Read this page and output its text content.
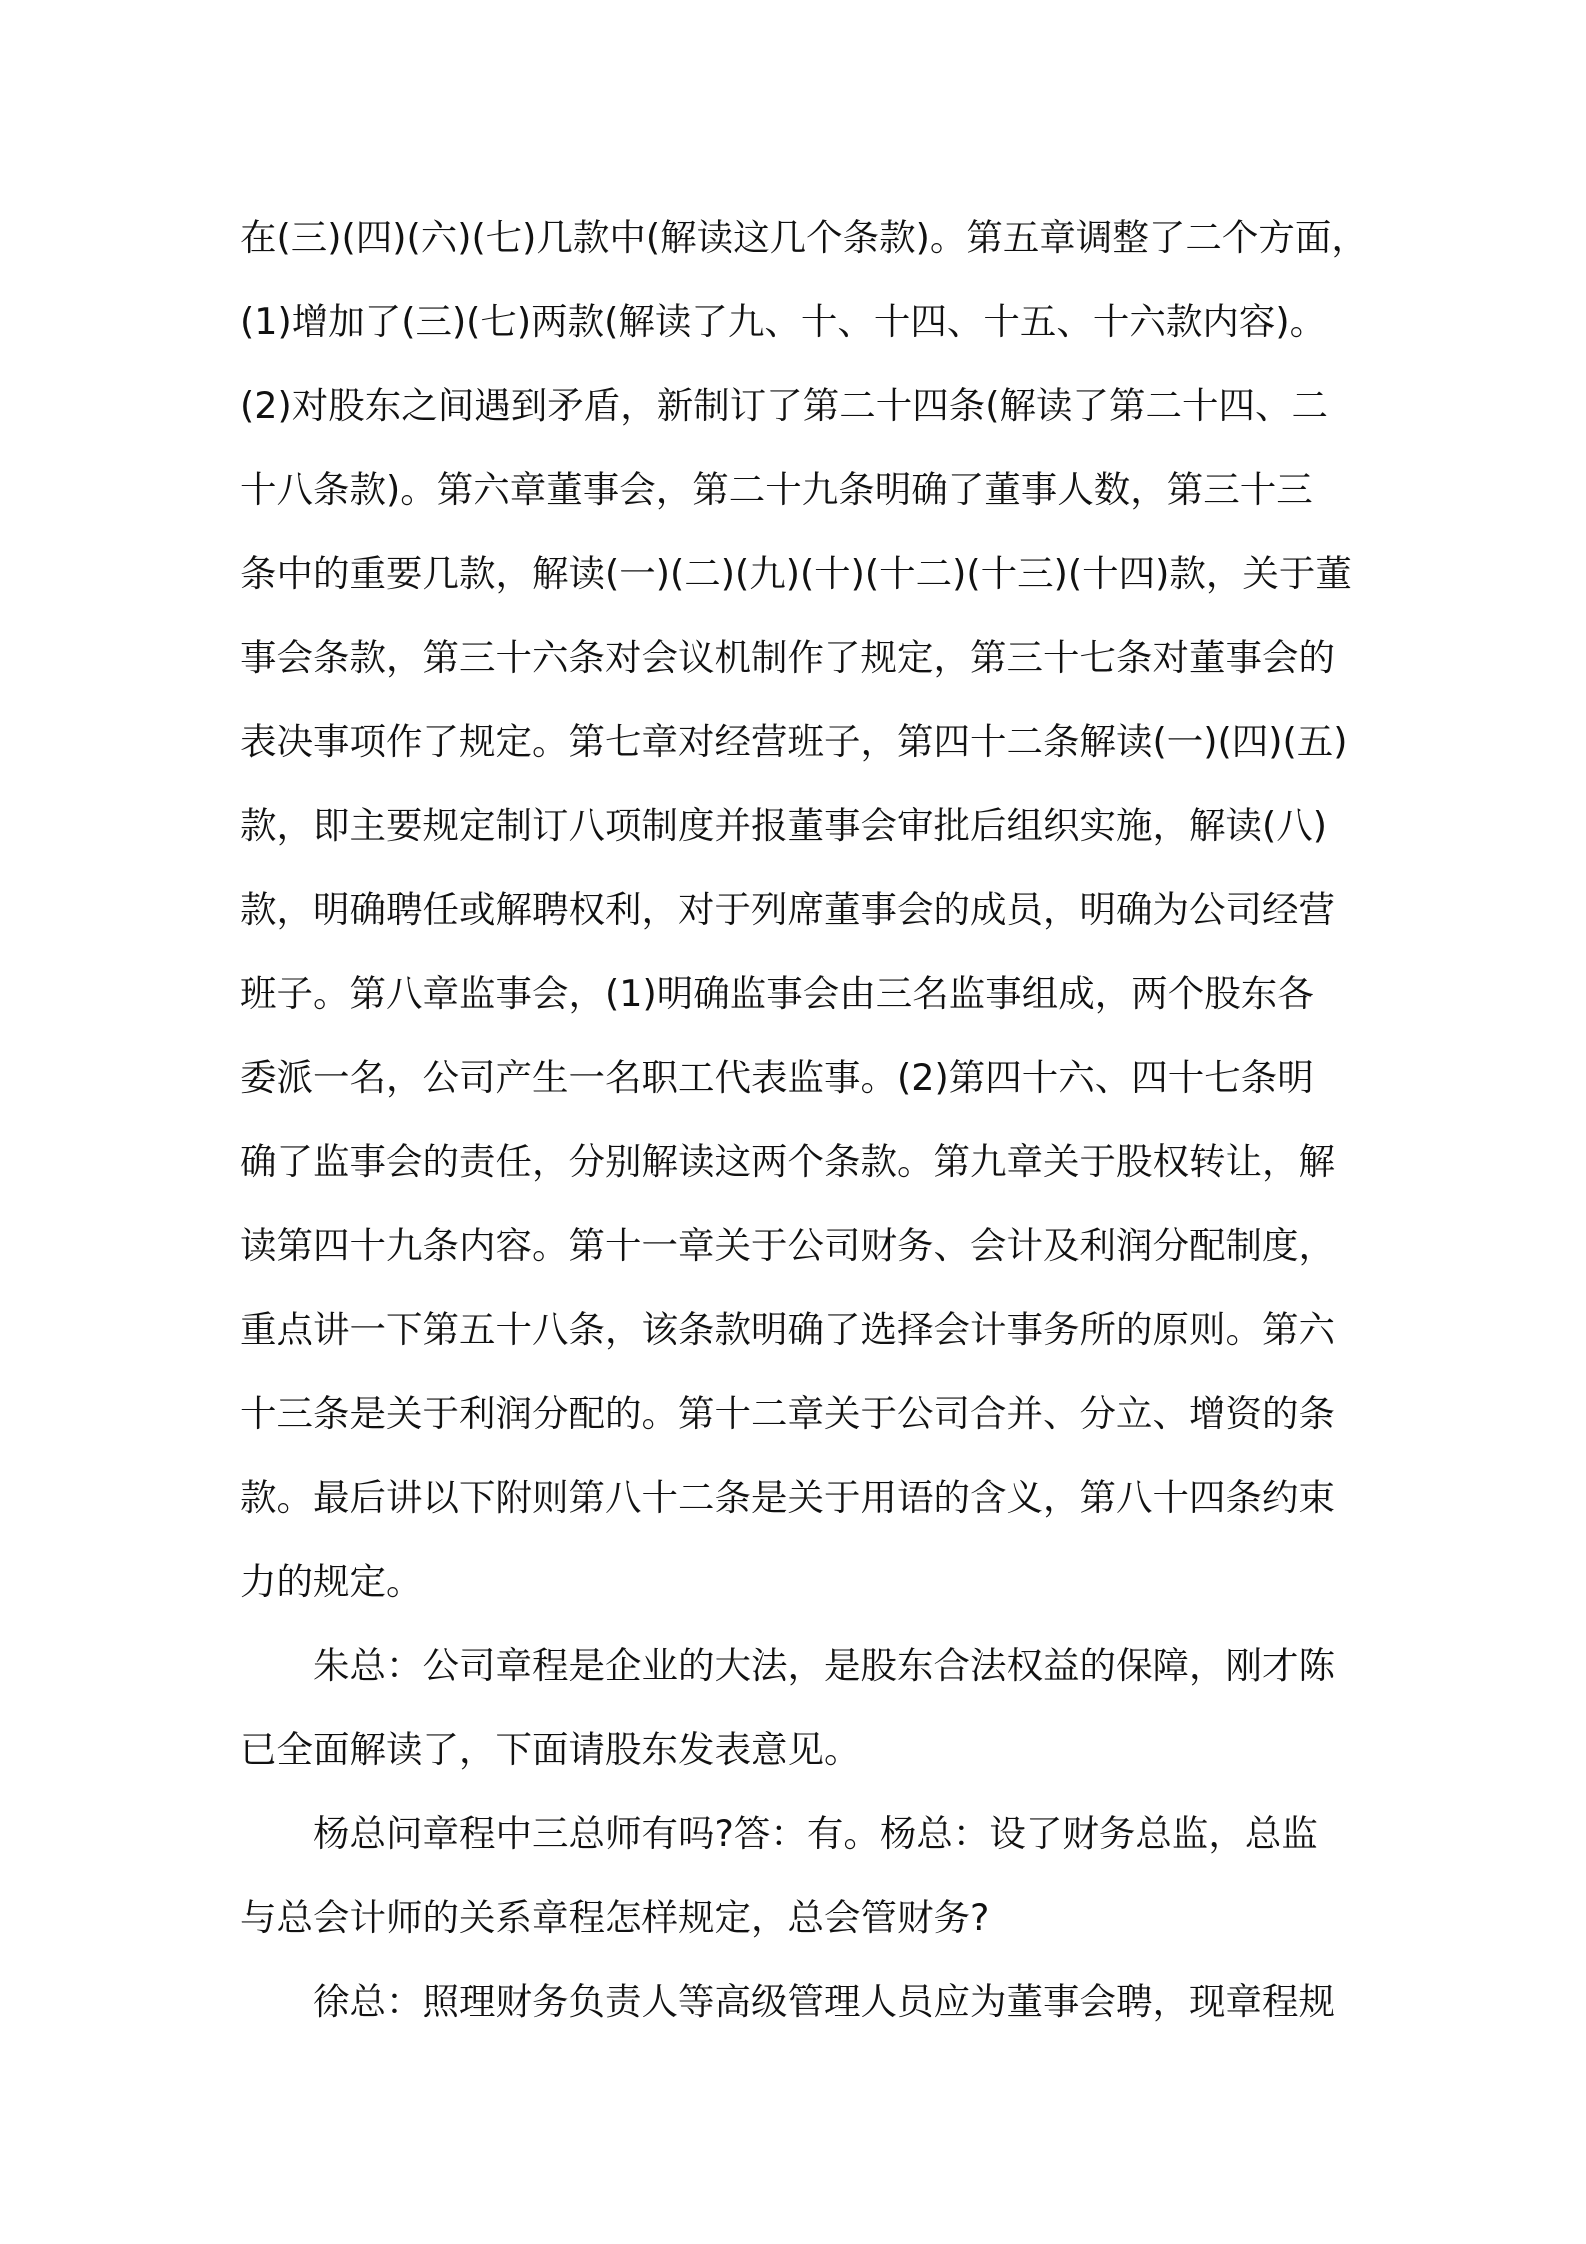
在(三)(四)(六)(七)几款中(解读这几个条款)。第五章调整了二个方面，
(1)增加了(三)(七)两款(解读了九、十、十四、十五、十六款内容)。
(2)对股东之间遇到矛盾，新制订了第二十四条(解读了第二十四、二
十八条款)。第六章董事会，第二十九条明确了董事人数，第三十三
条中的重要几款，解读(一)(二)(九)(十)(十二)(十三)(十四)款，关于董
事会条款，第三十六条对会议机制作了规定，第三十七条对董事会的
表决事项作了规定。第七章对经营班子，第四十二条解读(一)(四)(五)
款，即主要规定制订八项制度并报董事会审批后组织实施，解读(八)
款，明确聘任或解聘权利，对于列席董事会的成员，明确为公司经营
班子。第八章监事会，(1)明确监事会由三名监事组成，两个股东各
委派一名，公司产生一名职工代表监事。(2)第四十六、四十七条明
确了监事会的责任，分别解读这两个条款。第九章关于股权转让，解
读第四十九条内容。第十一章关于公司财务、会计及利润分配制度，
重点讲一下第五十八条，该条款明确了选择会计事务所的原则。第六
十三条是关于利润分配的。第十二章关于公司合并、分立、增资的条
款。最后讲以下附则第八十二条是关于用语的含义，第八十四条约束
力的规定。

朱总：公司章程是企业的大法，是股东合法权益的保障，刚才陈
已全面解读了，下面请股东发表意见。

杨总问章程中三总师有吗?答：有。杨总：设了财务总监，总监
与总会计师的关系章程怎样规定，总会管财务?

徐总：照理财务负责人等高级管理人员应为董事会聘，现章程规
